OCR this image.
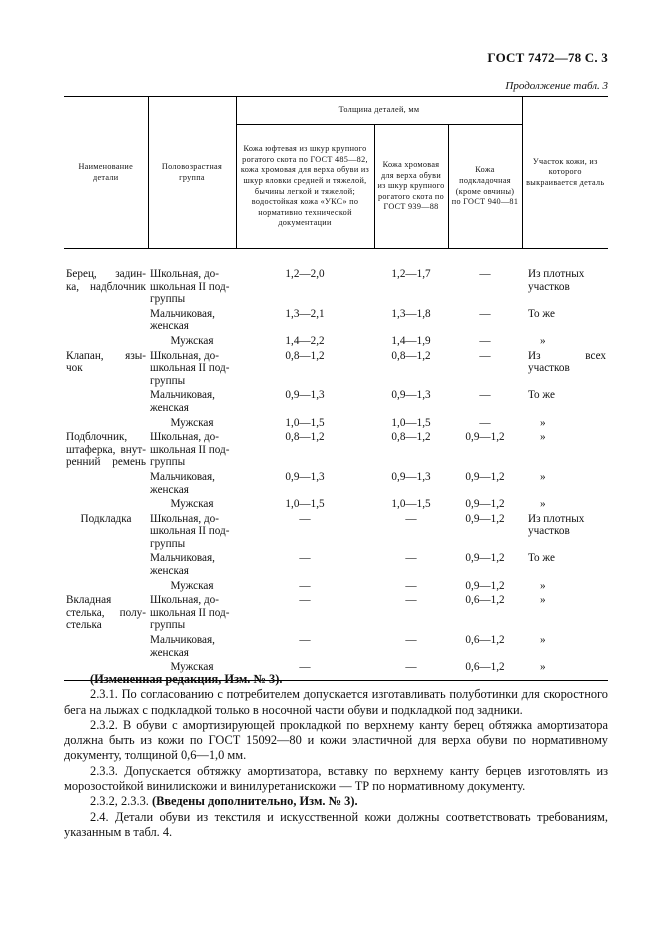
ГОСТ 7472—78 С. 3
Продолжение табл. 3
Наименование детали	Половозрастная группа	Толщина деталей, мм			Участок кожи, из которого выкраивается деталь
		Кожа юфтевая из шкур крупного рогатого скота по ГОСТ 485—82, кожа хромовая для верха обуви из шкур яловки средней и тяжелой, бычины легкой и тяжелой; водостойкая кожа «УКС» по нормативно технической документации	Кожа хромовая для верха обуви из шкур крупного рогатого скота по ГОСТ 939—88	Кожа подкладочная (кроме овчины) по ГОСТ 940—81	

Берец, задин-
ка, надблочник	Школьная, до-
школьная II под-
группы	1,2—2,0	1,2—1,7	—	Из плотных
участков
	Мальчиковая,
женская	1,3—2,1	1,3—1,8	—	То же
	Мужская	1,4—2,2	1,4—1,9	—	»
Клапан, язы-
чок	Школьная, до-
школьная II под-
группы	0,8—1,2	0,8—1,2	—	Из всех
участков
	Мальчиковая,
женская	0,9—1,3	0,9—1,3	—	То же
	Мужская	1,0—1,5	1,0—1,5	—	»
Подблочник,
штаферка, внут-
ренний ремень	Школьная, до-
школьная II под-
группы	0,8—1,2	0,8—1,2	0,9—1,2	»
	Мальчиковая,
женская	0,9—1,3	0,9—1,3	0,9—1,2	»
	Мужская	1,0—1,5	1,0—1,5	0,9—1,2	»
Подкладка	Школьная, до-
школьная II под-
группы	—	—	0,9—1,2	Из плотных
участков
	Мальчиковая,
женская	—	—	0,9—1,2	То же
	Мужская	—	—	0,9—1,2	»
Вкладная
стелька, полу-
стелька	Школьная, до-
школьная II под-
группы	—	—	0,6—1,2	»
	Мальчиковая,
женская	—	—	0,6—1,2	»
	Мужская	—	—	0,6—1,2	»

(Измененная редакция, Изм. № 3).

2.3.1. По согласованию с потребителем допускается изготавливать полуботинки для скоростного бега на лыжах с подкладкой только в носочной части обуви и подкладкой под задники.

2.3.2. В обуви с амортизирующей прокладкой по верхнему канту берец обтяжка амортизатора должна быть из кожи по ГОСТ 15092—80 и кожи эластичной для верха обуви по нормативному документу, толщиной 0,6—1,0 мм.

2.3.3. Допускается обтяжку амортизатора, вставку по верхнему канту берцев изготовлять из морозостойкой винилискожи и винилуретанискожи — ТР по нормативному документу.

2.3.2, 2.3.3. (Введены дополнительно, Изм. № 3).

2.4. Детали обуви из текстиля и искусственной кожи должны соответствовать требованиям, указанным в табл. 4.
